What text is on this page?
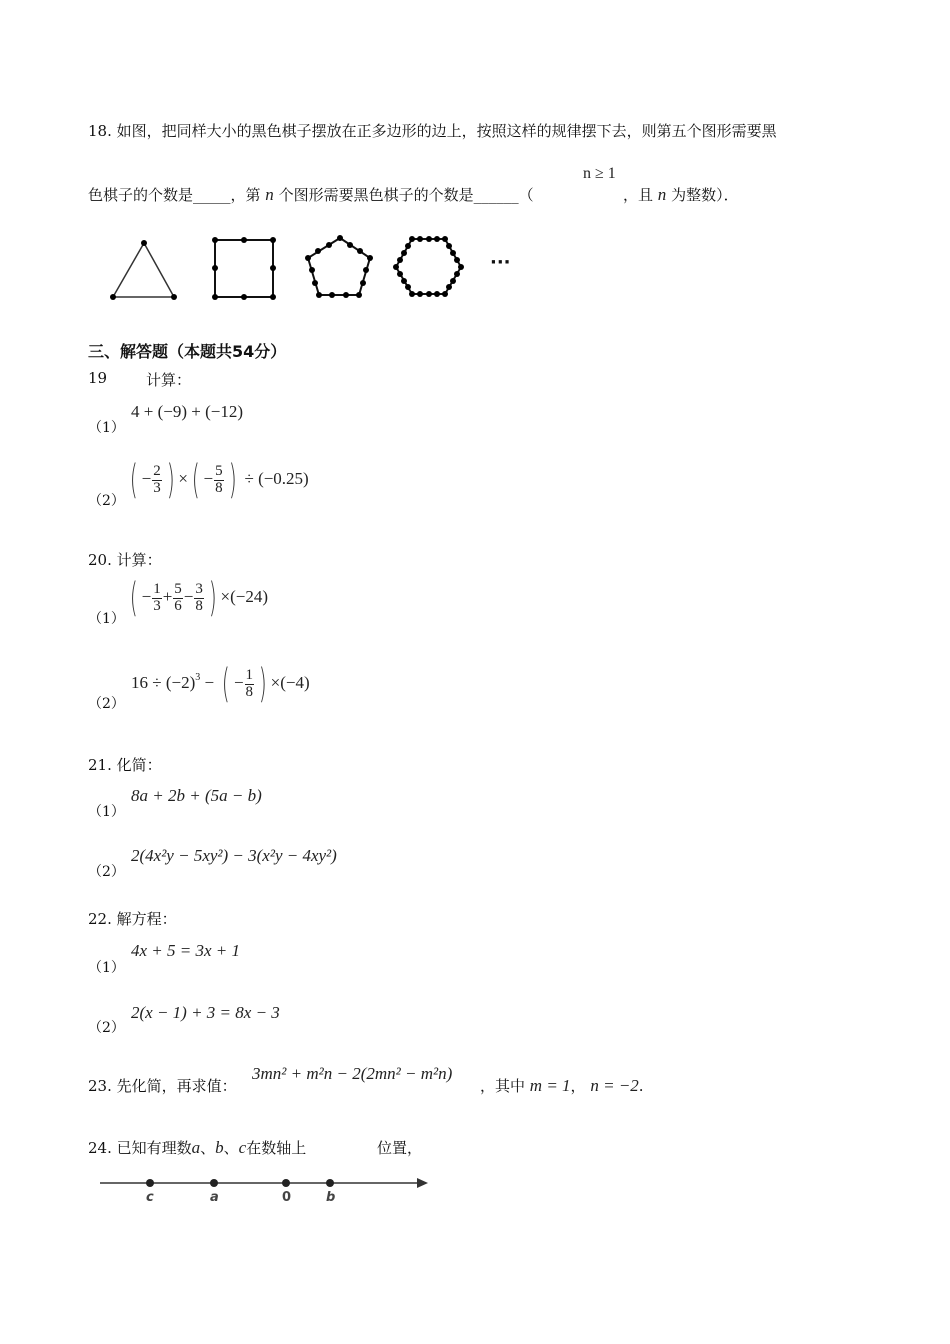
18. 如图，把同样大小的黑色棋子摆放在正多边形的边上，按照这样的规律摆下去，则第五个图形需要黑
色棋子的个数是_____，第 n 个图形需要黑色棋子的个数是______（
n ≥ 1
，且 n 为整数）．
···
三、解答题（本题共54分）
19	计算：
（1）
4 + (−9) + (−12)
（2） ( − $\frac{2}{3}$ ) ×( − $\frac{5}{8}$ ) ÷ (−0.25)
20. 计算：
（1） ( − $\frac{1}{3} + \frac{5}{6} - \frac{3}{8}$ ) ×(−24)
（2）
$16 \div (-2)^3$ − ( − $\frac{1}{8}$ ) ×(−4)
21. 化简：
（1）
8a + 2b + (5a − b)
（2）
2(4x²y − 5xy²) − 3(x²y − 4xy²)
22. 解方程：
（1）
4x + 5 = 3x + 1
（2）
2(x − 1) + 3 = 8x − 3
23. 先化简，再求值：
3mn² + m²n − 2(2mn² − m²n)
，其中 m = 1， n = −2.
24. 已知有理数a、b、c在数轴上	位置，
c	a	0	b
